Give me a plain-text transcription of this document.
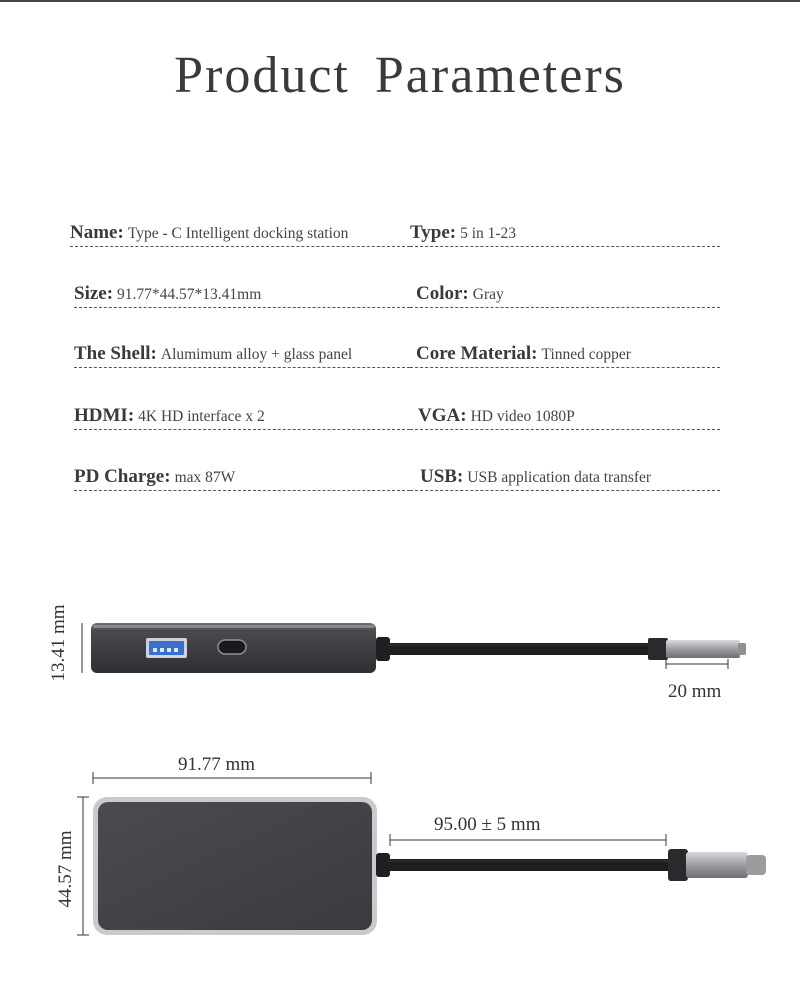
Product Parameters
Name: Type - C Intelligent docking station	Type: 5 in 1-23
Size: 91.77*44.57*13.41mm	Color: Gray
The Shell: Alumimum alloy + glass panel	Core Material: Tinned copper
HDMI: 4K HD interface x 2	VGA: HD video 1080P
PD Charge: max 87W	USB: USB application data transfer
13.41 mm
20 mm
91.77 mm
95.00 ± 5 mm
44.57 mm
